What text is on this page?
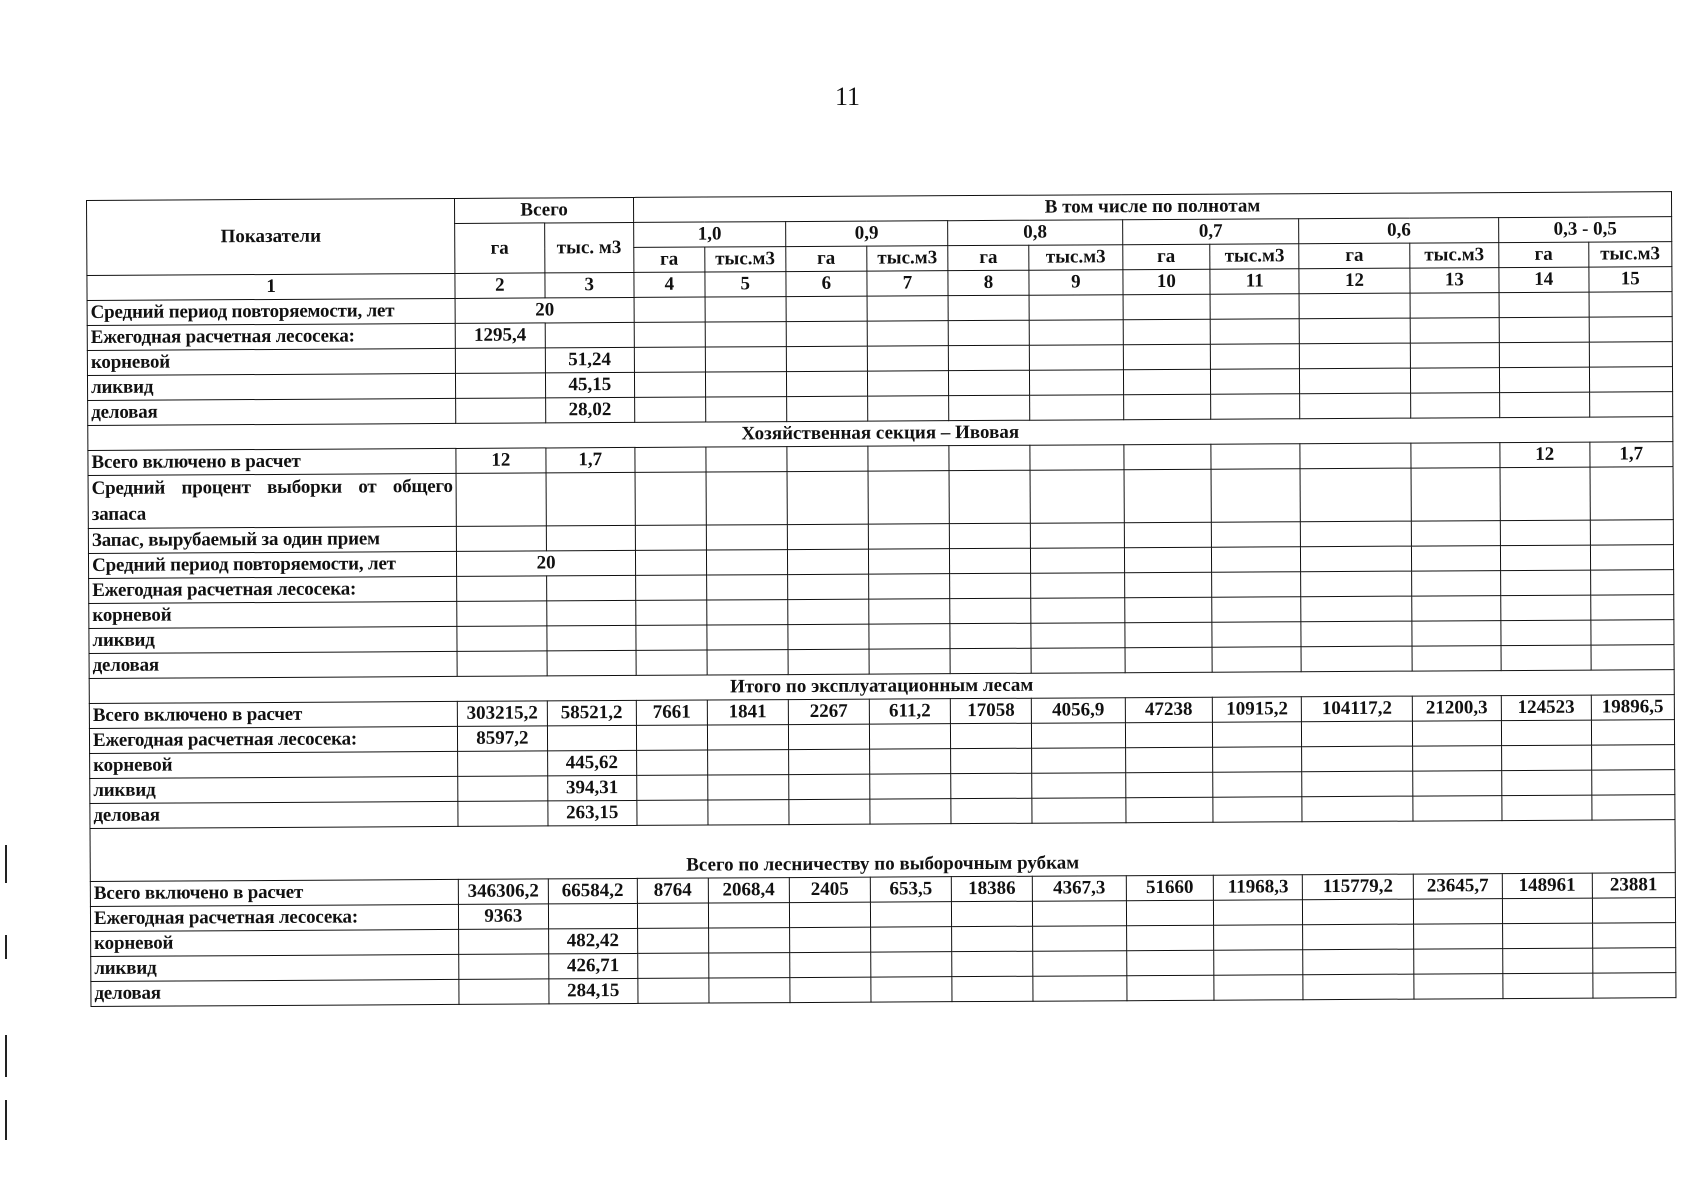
11
Показатели	Всего		В том числе по полнотам											
	га	тыс. м3	1,0		0,9		0,8		0,7		0,6		0,3 - 0,5	
			га	тыс.м3	га	тыс.м3	га	тыс.м3	га	тыс.м3	га	тыс.м3	га	тыс.м3
1	2	3	4	5	6	7	8	9	10	11	12	13	14	15
Средний период повторяемости, лет	20													
Ежегодная расчетная лесосека:	1295,4													
корневой		51,24												
ликвид		45,15												
деловая		28,02												
Хозяйственная секция – Ивовая														
Всего включено в расчет	12	1,7											12	1,7
Средний процент выборки от общего запаса														
Запас, вырубаемый за один прием														
Средний период повторяемости, лет	20													
Ежегодная расчетная лесосека:														
корневой														
ликвид														
деловая														
Итого по эксплуатационным лесам														
Всего включено в расчет	303215,2	58521,2	7661	1841	2267	611,2	17058	4056,9	47238	10915,2	104117,2	21200,3	124523	19896,5
Ежегодная расчетная лесосека:	8597,2													
корневой		445,62												
ликвид		394,31												
деловая		263,15												
Всего по лесничеству по выборочным рубкам														
Всего включено в расчет	346306,2	66584,2	8764	2068,4	2405	653,5	18386	4367,3	51660	11968,3	115779,2	23645,7	148961	23881
Ежегодная расчетная лесосека:	9363													
корневой		482,42												
ликвид		426,71												
деловая		284,15												
